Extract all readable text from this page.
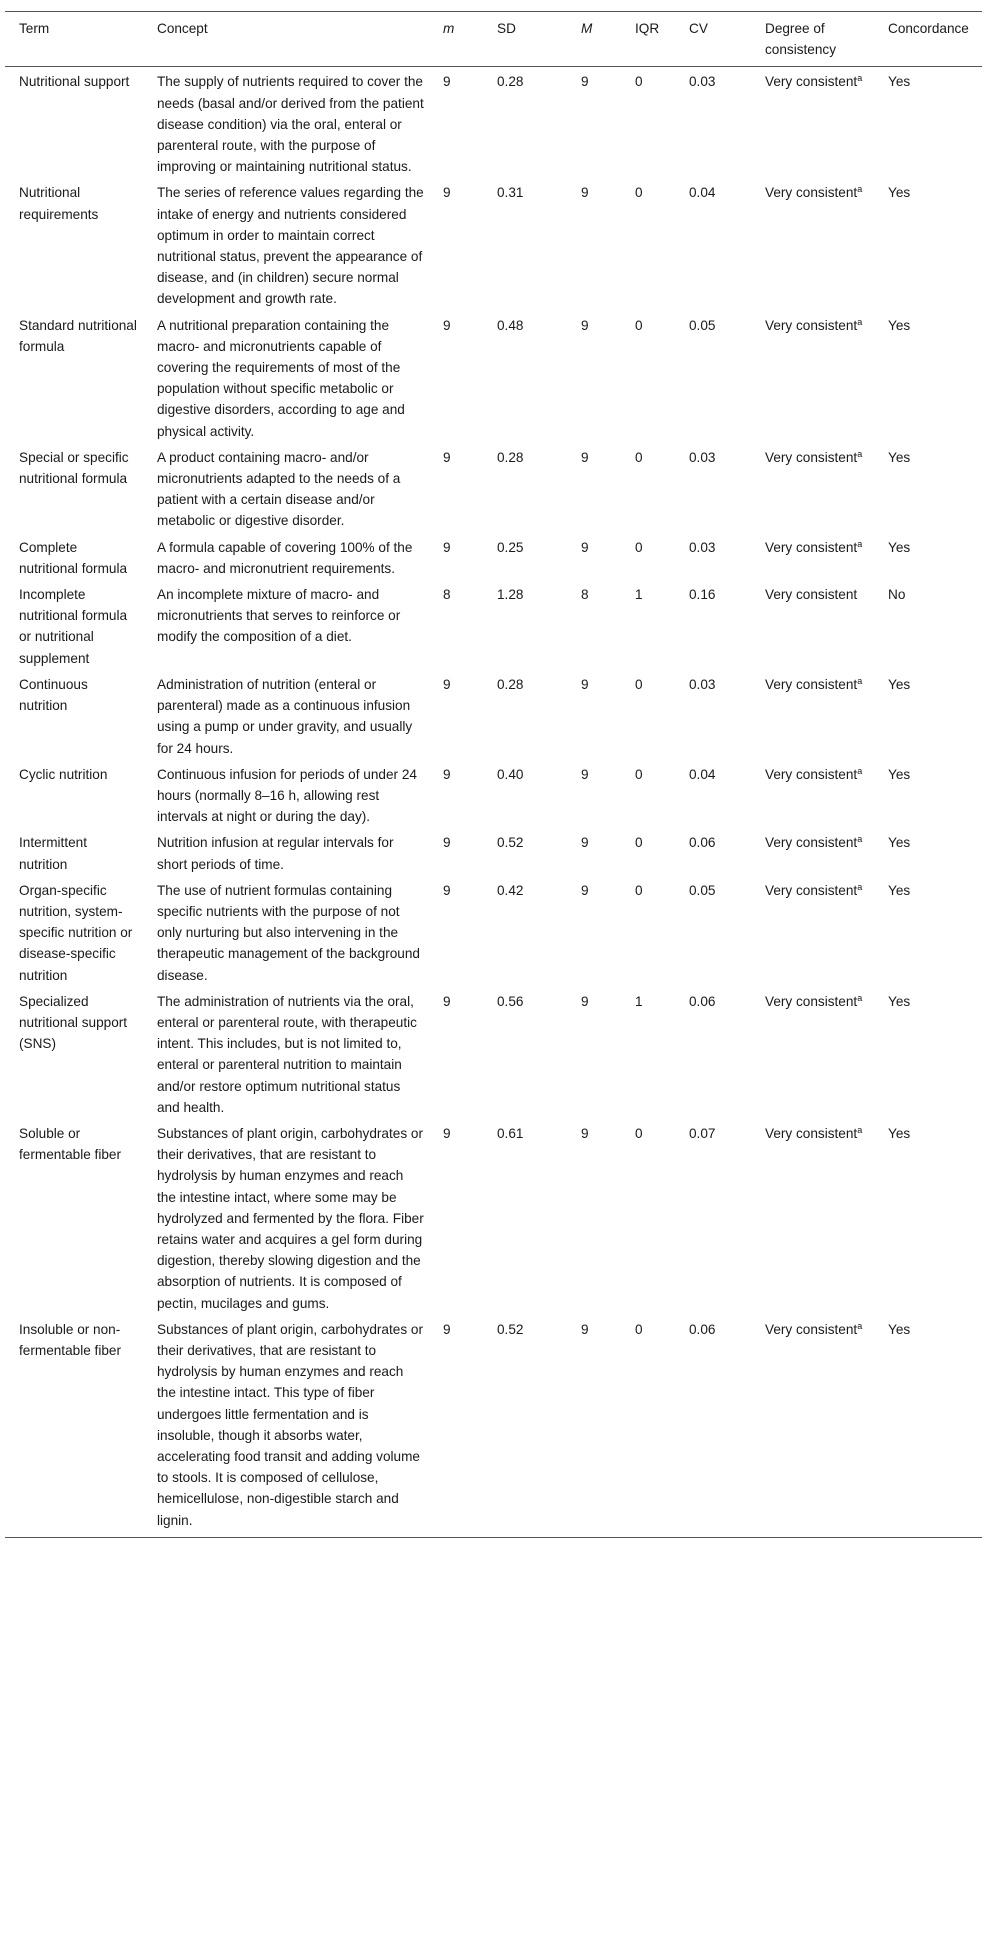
Term	Concept	m	SD	M	IQR	CV	Degree of consistency	Concordance
Nutritional support	The supply of nutrients required to cover the needs (basal and/or derived from the patient disease condition) via the oral, enteral or parenteral route, with the purpose of improving or maintaining nutritional status.	9	0.28	9	0	0.03	Very consistent$^a$	Yes
Nutritional requirements	The series of reference values regarding the intake of energy and nutrients considered optimum in order to maintain correct nutritional status, prevent the appearance of disease, and (in children) secure normal development and growth rate.	9	0.31	9	0	0.04	Very consistent$^a$	Yes
Standard nutritional formula	A nutritional preparation containing the macro- and micronutrients capable of covering the requirements of most of the population without specific metabolic or digestive disorders, according to age and physical activity.	9	0.48	9	0	0.05	Very consistent$^a$	Yes
Special or specific nutritional formula	A product containing macro- and/or micronutrients adapted to the needs of a patient with a certain disease and/or metabolic or digestive disorder.	9	0.28	9	0	0.03	Very consistent$^a$	Yes
Complete nutritional formula	A formula capable of covering 100% of the macro- and micronutrient requirements.	9	0.25	9	0	0.03	Very consistent$^a$	Yes
Incomplete nutritional formula or nutritional supplement	An incomplete mixture of macro- and micronutrients that serves to reinforce or modify the composition of a diet.	8	1.28	8	1	0.16	Very consistent	No
Continuous nutrition	Administration of nutrition (enteral or parenteral) made as a continuous infusion using a pump or under gravity, and usually for 24 hours.	9	0.28	9	0	0.03	Very consistent$^a$	Yes
Cyclic nutrition	Continuous infusion for periods of under 24 hours (normally 8–16 h, allowing rest intervals at night or during the day).	9	0.40	9	0	0.04	Very consistent$^a$	Yes
Intermittent nutrition	Nutrition infusion at regular intervals for short periods of time.	9	0.52	9	0	0.06	Very consistent$^a$	Yes
Organ-specific nutrition, system-specific nutrition or disease-specific nutrition	The use of nutrient formulas containing specific nutrients with the purpose of not only nurturing but also intervening in the therapeutic management of the background disease.	9	0.42	9	0	0.05	Very consistent$^a$	Yes
Specialized nutritional support (SNS)	The administration of nutrients via the oral, enteral or parenteral route, with therapeutic intent. This includes, but is not limited to, enteral or parenteral nutrition to maintain and/or restore optimum nutritional status and health.	9	0.56	9	1	0.06	Very consistent$^a$	Yes
Soluble or fermentable fiber	Substances of plant origin, carbohydrates or their derivatives, that are resistant to hydrolysis by human enzymes and reach the intestine intact, where some may be hydrolyzed and fermented by the flora. Fiber retains water and acquires a gel form during digestion, thereby slowing digestion and the absorption of nutrients. It is composed of pectin, mucilages and gums.	9	0.61	9	0	0.07	Very consistent$^a$	Yes
Insoluble or non-fermentable fiber	Substances of plant origin, carbohydrates or their derivatives, that are resistant to hydrolysis by human enzymes and reach the intestine intact. This type of fiber undergoes little fermentation and is insoluble, though it absorbs water, accelerating food transit and adding volume to stools. It is composed of cellulose, hemicellulose, non-digestible starch and lignin.	9	0.52	9	0	0.06	Very consistent$^a$	Yes
